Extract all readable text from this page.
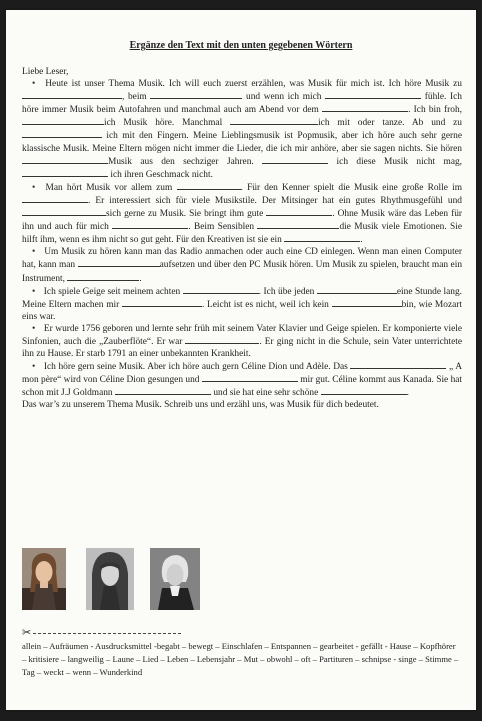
Ergänze den Text mit den unten gegebenen Wörtern

Liebe Leser,

• Heute ist unser Thema Musik. Ich will euch zuerst erzählen, was Musik für mich ist. Ich höre Musik zu , beim	und wenn ich mich	fühle. Ich höre immer Musik beim Autofahren und manchmal auch am Abend vor dem	. Ich bin froh, ich Musik höre. Manchmal	ich mit oder tanze. Ab und zu  ich mit den Fingern. Meine Lieblingsmusik ist Popmusik, aber ich höre auch sehr gerne klassische Musik. Meine Eltern mögen nicht immer die Lieder, die ich mir anhöre, aber sie sagen nichts. Sie hören Musik aus den sechziger Jahren.	ich diese Musik nicht mag,  ich ihren Geschmack nicht.

• Man hört Musik vor allem zum	. Für den Kenner spielt die Musik eine große Rolle im . Er interessiert sich für viele Musikstile. Der Mitsinger hat ein gutes Rhythmusgefühl und sich gerne zu Musik. Sie bringt ihm gute	. Ohne Musik wäre das Leben für ihn und auch für mich	. Beim Sensiblen	die Musik viele Emotionen. Sie hilft ihm, wenn es ihm nicht so gut geht. Für den Kreativen ist sie ein	.

• Um Musik zu hören kann man das Radio anmachen oder auch eine CD einlegen. Wenn man einen Computer hat, kann man	aufsetzen und über den PC Musik hören. Um Musik zu spielen, braucht man ein Instrument,	.

• Ich spiele Geige seit meinem achten	. Ich übe jeden	eine Stunde lang. Meine Eltern machen mir	. Leicht ist es nicht, weil ich kein	bin, wie Mozart eins war.

• Er wurde 1756 geboren und lernte sehr früh mit seinem Vater Klavier und Geige spielen. Er komponierte viele Sinfonien, auch die „Zauberflöte“. Er war	. Er ging nicht in die Schule, sein Vater unterrichtete ihn zu Hause. Er starb 1791 an einer unbekannten Krankheit.

• Ich höre gern seine Musik. Aber ich höre auch gern Céline Dion und Adèle. Das	„ A mon père“ wird von Céline Dion gesungen und	mir gut. Céline kommt aus Kanada. Sie hat schon mit J.J Goldmann	und sie hat eine sehr schöne	.

Das war’s zu unserem Thema Musik. Schreib uns und erzähl uns, was Musik für dich bedeutet.

✂
allein – Aufräumen - Ausdrucksmittel -begabt – bewegt – Einschlafen – Entspannen – gearbeitet - gefällt - Hause – Kopfhörer – kritisiere – langweilig – Laune – Lied – Leben – Lebensjahr – Mut – obwohl – oft – Partituren – schnipse - singe – Stimme – Tag – weckt – wenn – Wunderkind
